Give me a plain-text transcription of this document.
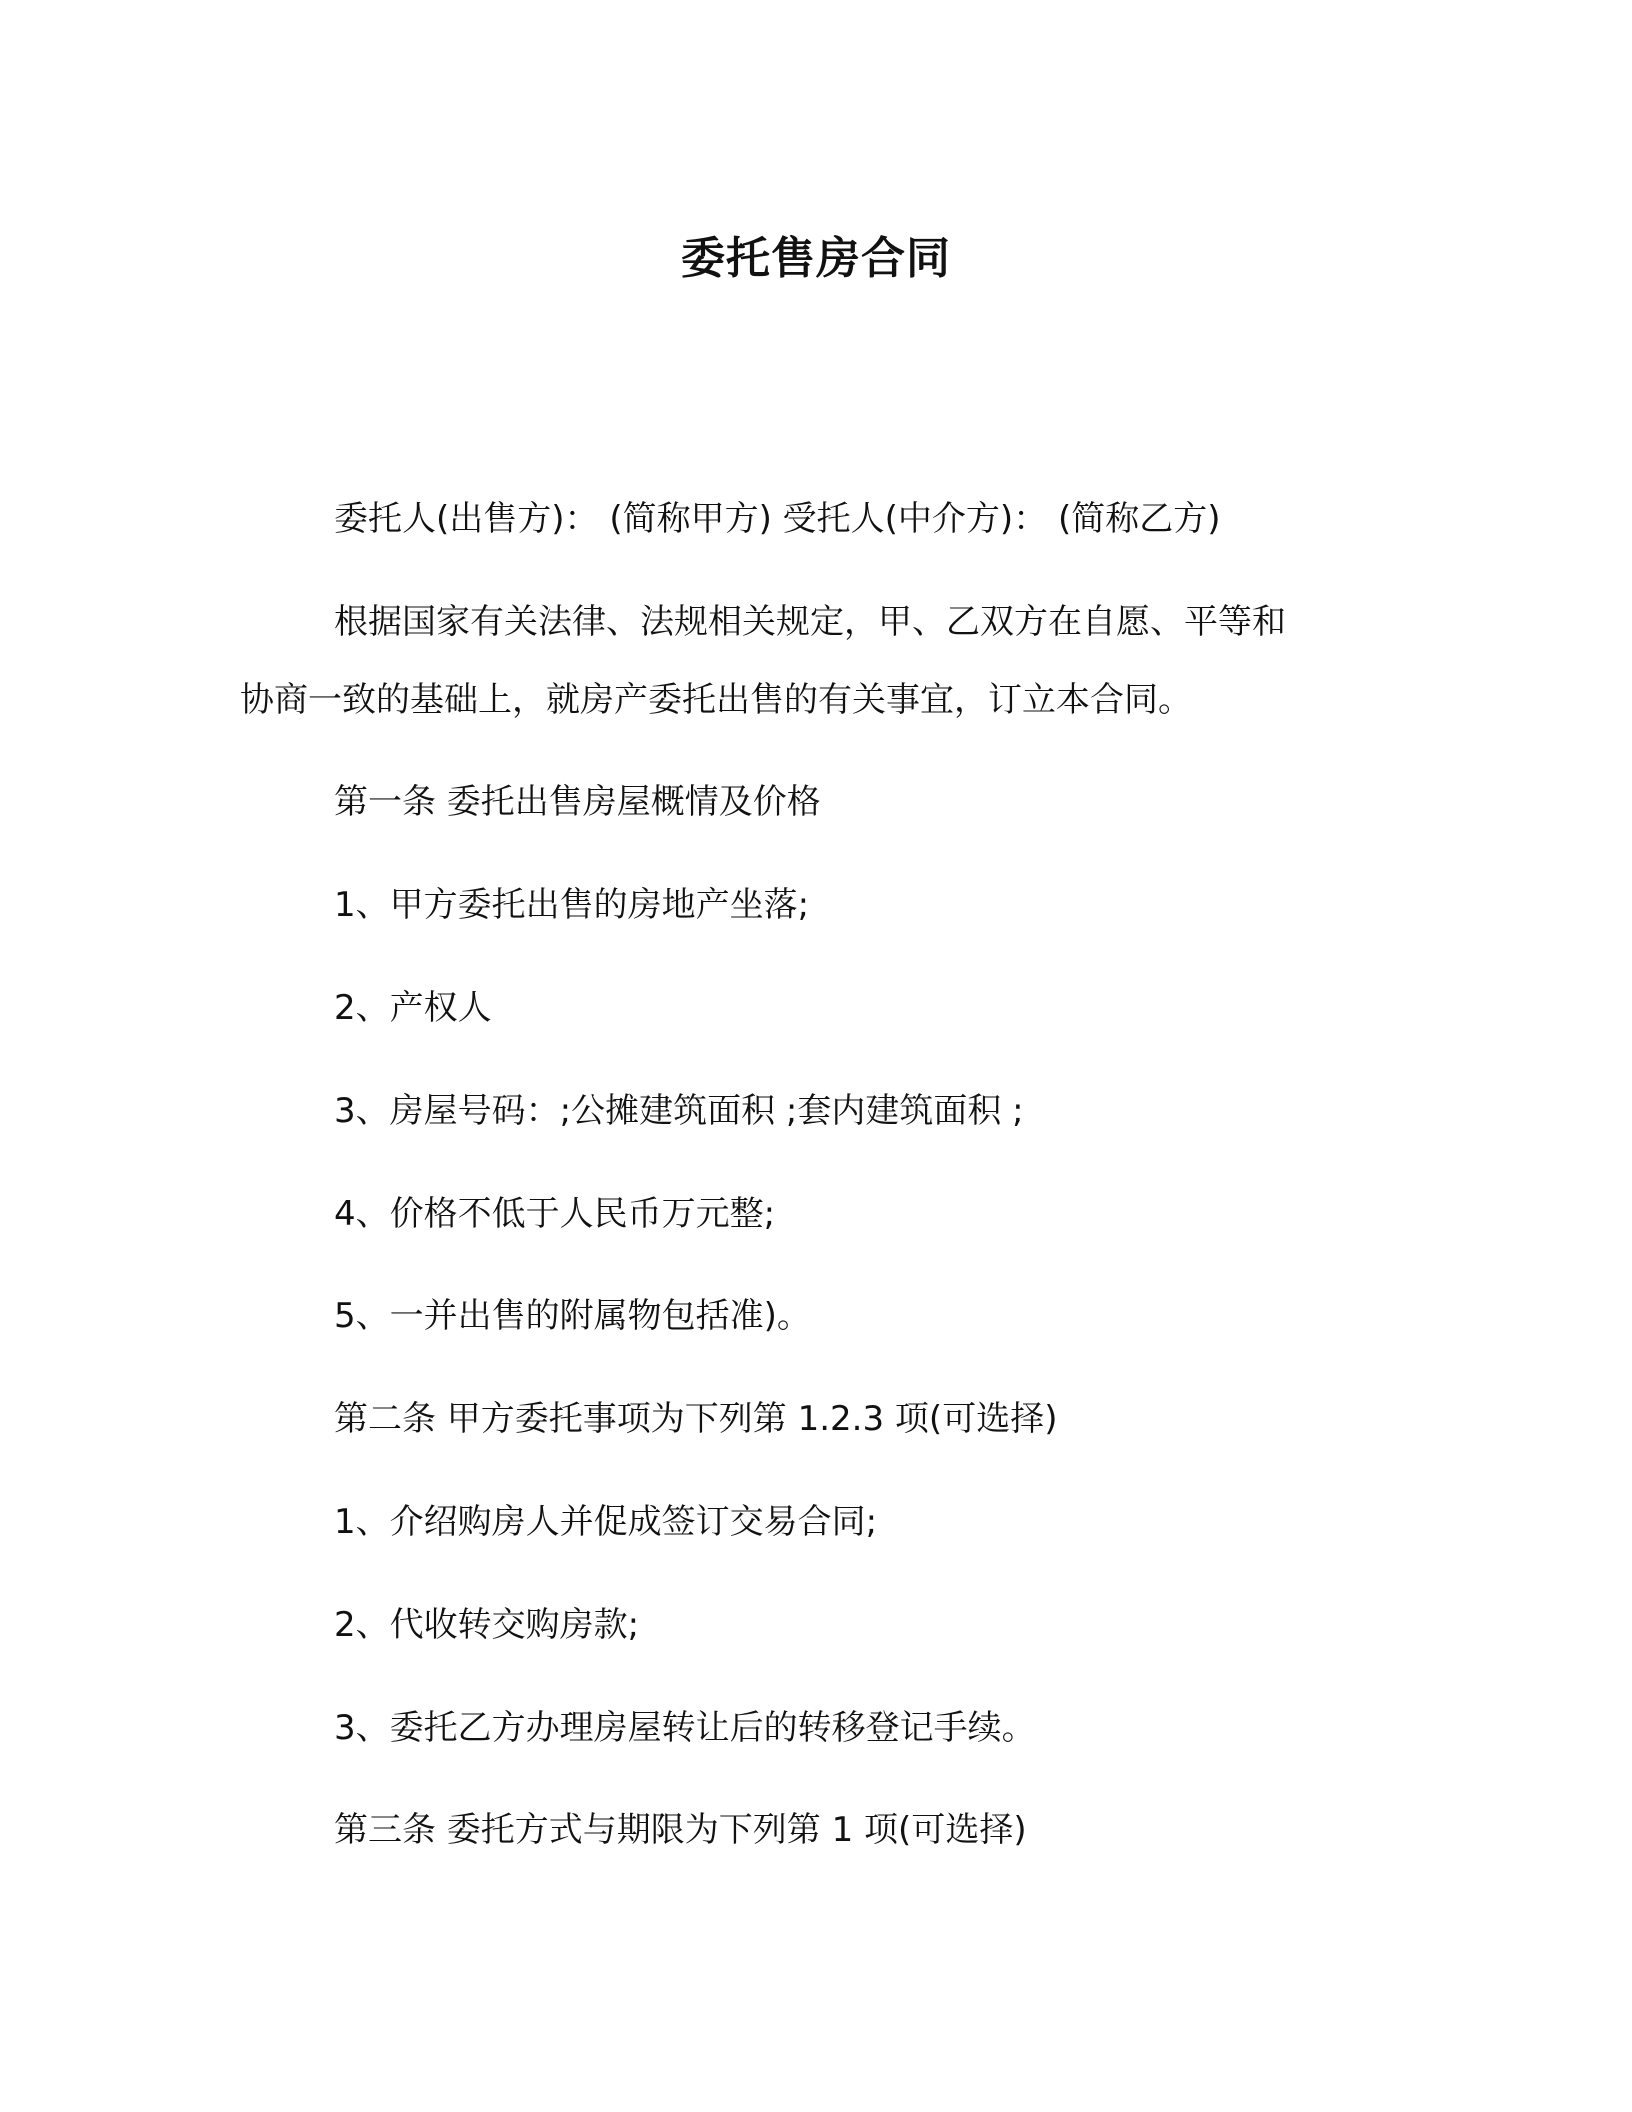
委托售房合同
委托人(出售方)： (简称甲方) 受托人(中介方)： (简称乙方)
根据国家有关法律、法规相关规定，甲、乙双方在自愿、平等和
协商一致的基础上，就房产委托出售的有关事宜，订立本合同。
第一条 委托出售房屋概情及价格
1、甲方委托出售的房地产坐落;
2、产权人
3、房屋号码：;公摊建筑面积 ;套内建筑面积 ;
4、价格不低于人民币万元整;
5、一并出售的附属物包括准)。
第二条 甲方委托事项为下列第 1.2.3 项(可选择)
1、介绍购房人并促成签订交易合同;
2、代收转交购房款;
3、委托乙方办理房屋转让后的转移登记手续。
第三条 委托方式与期限为下列第 1 项(可选择)
